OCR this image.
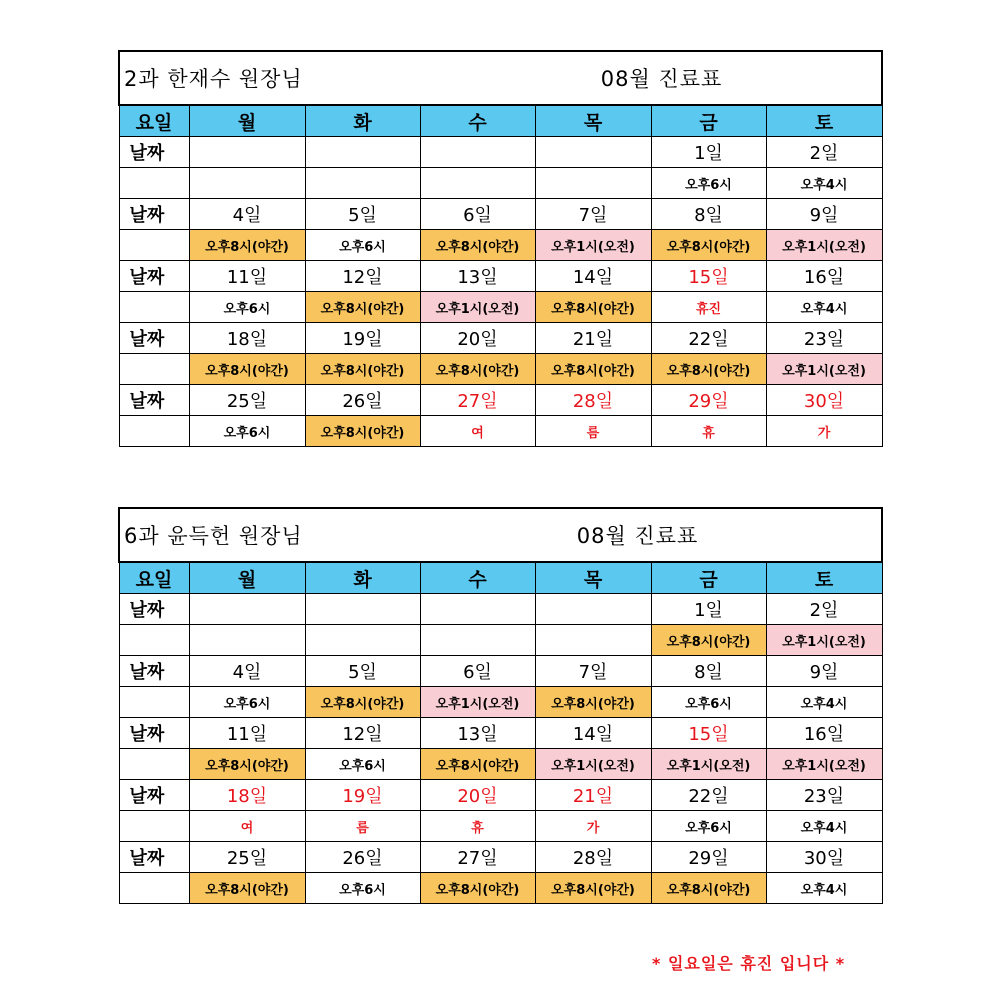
2과 한재수 원장님 08월 진료표						

요일	월	화	수	목	금	토
날짜					1일	2일
					오후6시	오후4시
날짜	4일	5일	6일	7일	8일	9일
	오후8시(야간)	오후6시	오후8시(야간)	오후1시(오전)	오후8시(야간)	오후1시(오전)
날짜	11일	12일	13일	14일	15일	16일
	오후6시	오후8시(야간)	오후1시(오전)	오후8시(야간)	휴진	오후4시
날짜	18일	19일	20일	21일	22일	23일
	오후8시(야간)	오후8시(야간)	오후8시(야간)	오후8시(야간)	오후8시(야간)	오후1시(오전)
날짜	25일	26일	27일	28일	29일	30일
	오후6시	오후8시(야간)	여	름	휴	가
6과 윤득헌 원장님 08월 진료표						

요일	월	화	수	목	금	토
날짜					1일	2일
					오후8시(야간)	오후1시(오전)
날짜	4일	5일	6일	7일	8일	9일
	오후6시	오후8시(야간)	오후1시(오전)	오후8시(야간)	오후6시	오후4시
날짜	11일	12일	13일	14일	15일	16일
	오후8시(야간)	오후6시	오후8시(야간)	오후1시(오전)	오후1시(오전)	오후1시(오전)
날짜	18일	19일	20일	21일	22일	23일
	여	름	휴	가	오후6시	오후4시
날짜	25일	26일	27일	28일	29일	30일
	오후8시(야간)	오후6시	오후8시(야간)	오후8시(야간)	오후8시(야간)	오후4시
* 일요일은 휴진 입니다 *
